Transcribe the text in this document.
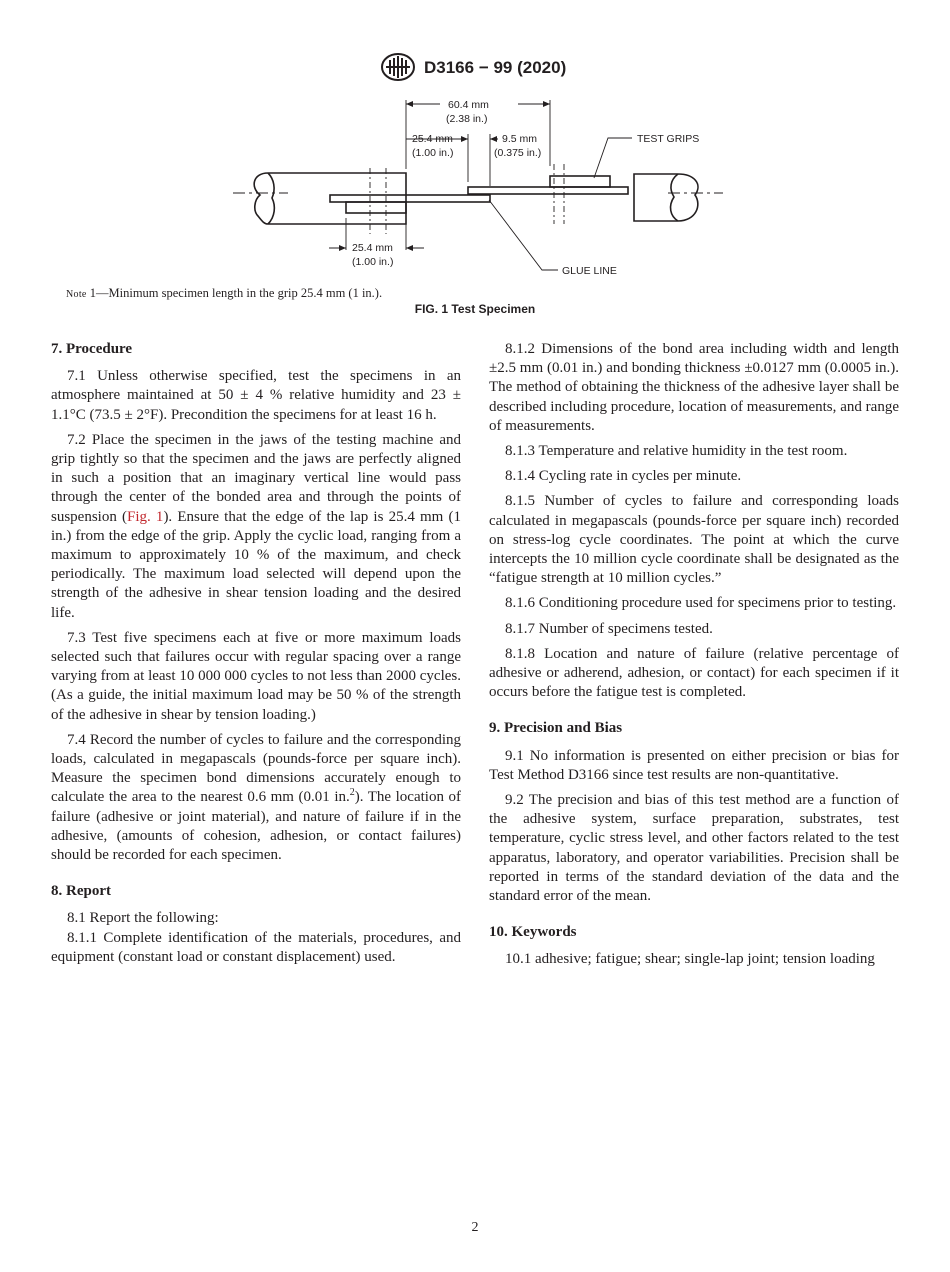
D3166 − 99 (2020)
60.4 mm
(2.38 in.)
25.4 mm
(1.00 in.)
9.5 mm
(0.375 in.)
25.4 mm
(1.00 in.)
TEST GRIPS
GLUE LINE
Note 1—Minimum specimen length in the grip 25.4 mm (1 in.).
FIG. 1 Test Specimen
7. Procedure

7.1 Unless otherwise specified, test the specimens in an atmosphere maintained at 50 ± 4 % relative humidity and 23 ± 1.1°C (73.5 ± 2°F). Precondition the specimens for at least 16 h.

7.2 Place the specimen in the jaws of the testing machine and grip tightly so that the specimen and the jaws are perfectly aligned in such a position that an imaginary vertical line would pass through the center of the bonded area and through the points of suspension (Fig. 1). Ensure that the edge of the lap is 25.4 mm (1 in.) from the edge of the grip. Apply the cyclic load, ranging from a maximum to approximately 10 % of the maximum, and check periodically. The maximum load selected will depend upon the strength of the adhesive in shear tension loading and the desired life.

7.3 Test five specimens each at five or more maximum loads selected such that failures occur with regular spacing over a range varying from at least 10 000 000 cycles to not less than 2000 cycles. (As a guide, the initial maximum load may be 50 % of the strength of the adhesive in shear by tension loading.)

7.4 Record the number of cycles to failure and the corresponding loads, calculated in megapascals (pounds-force per square inch). Measure the specimen bond dimensions accurately enough to calculate the area to the nearest 0.6 mm (0.01 in.$^2$). The location of failure (adhesive or joint material), and nature of failure if in the adhesive, (amounts of cohesion, adhesion, or contact failures) should be recorded for each specimen.

8. Report

8.1 Report the following:

8.1.1 Complete identification of the materials, procedures, and equipment (constant load or constant displacement) used.

8.1.2 Dimensions of the bond area including width and length ±2.5 mm (0.01 in.) and bonding thickness ±0.0127 mm (0.0005 in.). The method of obtaining the thickness of the adhesive layer shall be described including procedure, location of measurements, and range of measurements.

8.1.3 Temperature and relative humidity in the test room.

8.1.4 Cycling rate in cycles per minute.

8.1.5 Number of cycles to failure and corresponding loads calculated in megapascals (pounds-force per square inch) recorded on stress-log cycle coordinates. The point at which the curve intercepts the 10 million cycle coordinate shall be designated as the “fatigue strength at 10 million cycles.”

8.1.6 Conditioning procedure used for specimens prior to testing.

8.1.7 Number of specimens tested.

8.1.8 Location and nature of failure (relative percentage of adhesive or adherend, adhesion, or contact) for each specimen if it occurs before the fatigue test is completed.

9. Precision and Bias

9.1 No information is presented on either precision or bias for Test Method D3166 since test results are non-quantitative.

9.2 The precision and bias of this test method are a function of the adhesive system, surface preparation, substrates, test temperature, cyclic stress level, and other factors related to the test apparatus, laboratory, and operator variabilities. Precision shall be reported in terms of the standard deviation of the data and the standard error of the mean.

10. Keywords

10.1 adhesive; fatigue; shear; single-lap joint; tension loading

2
